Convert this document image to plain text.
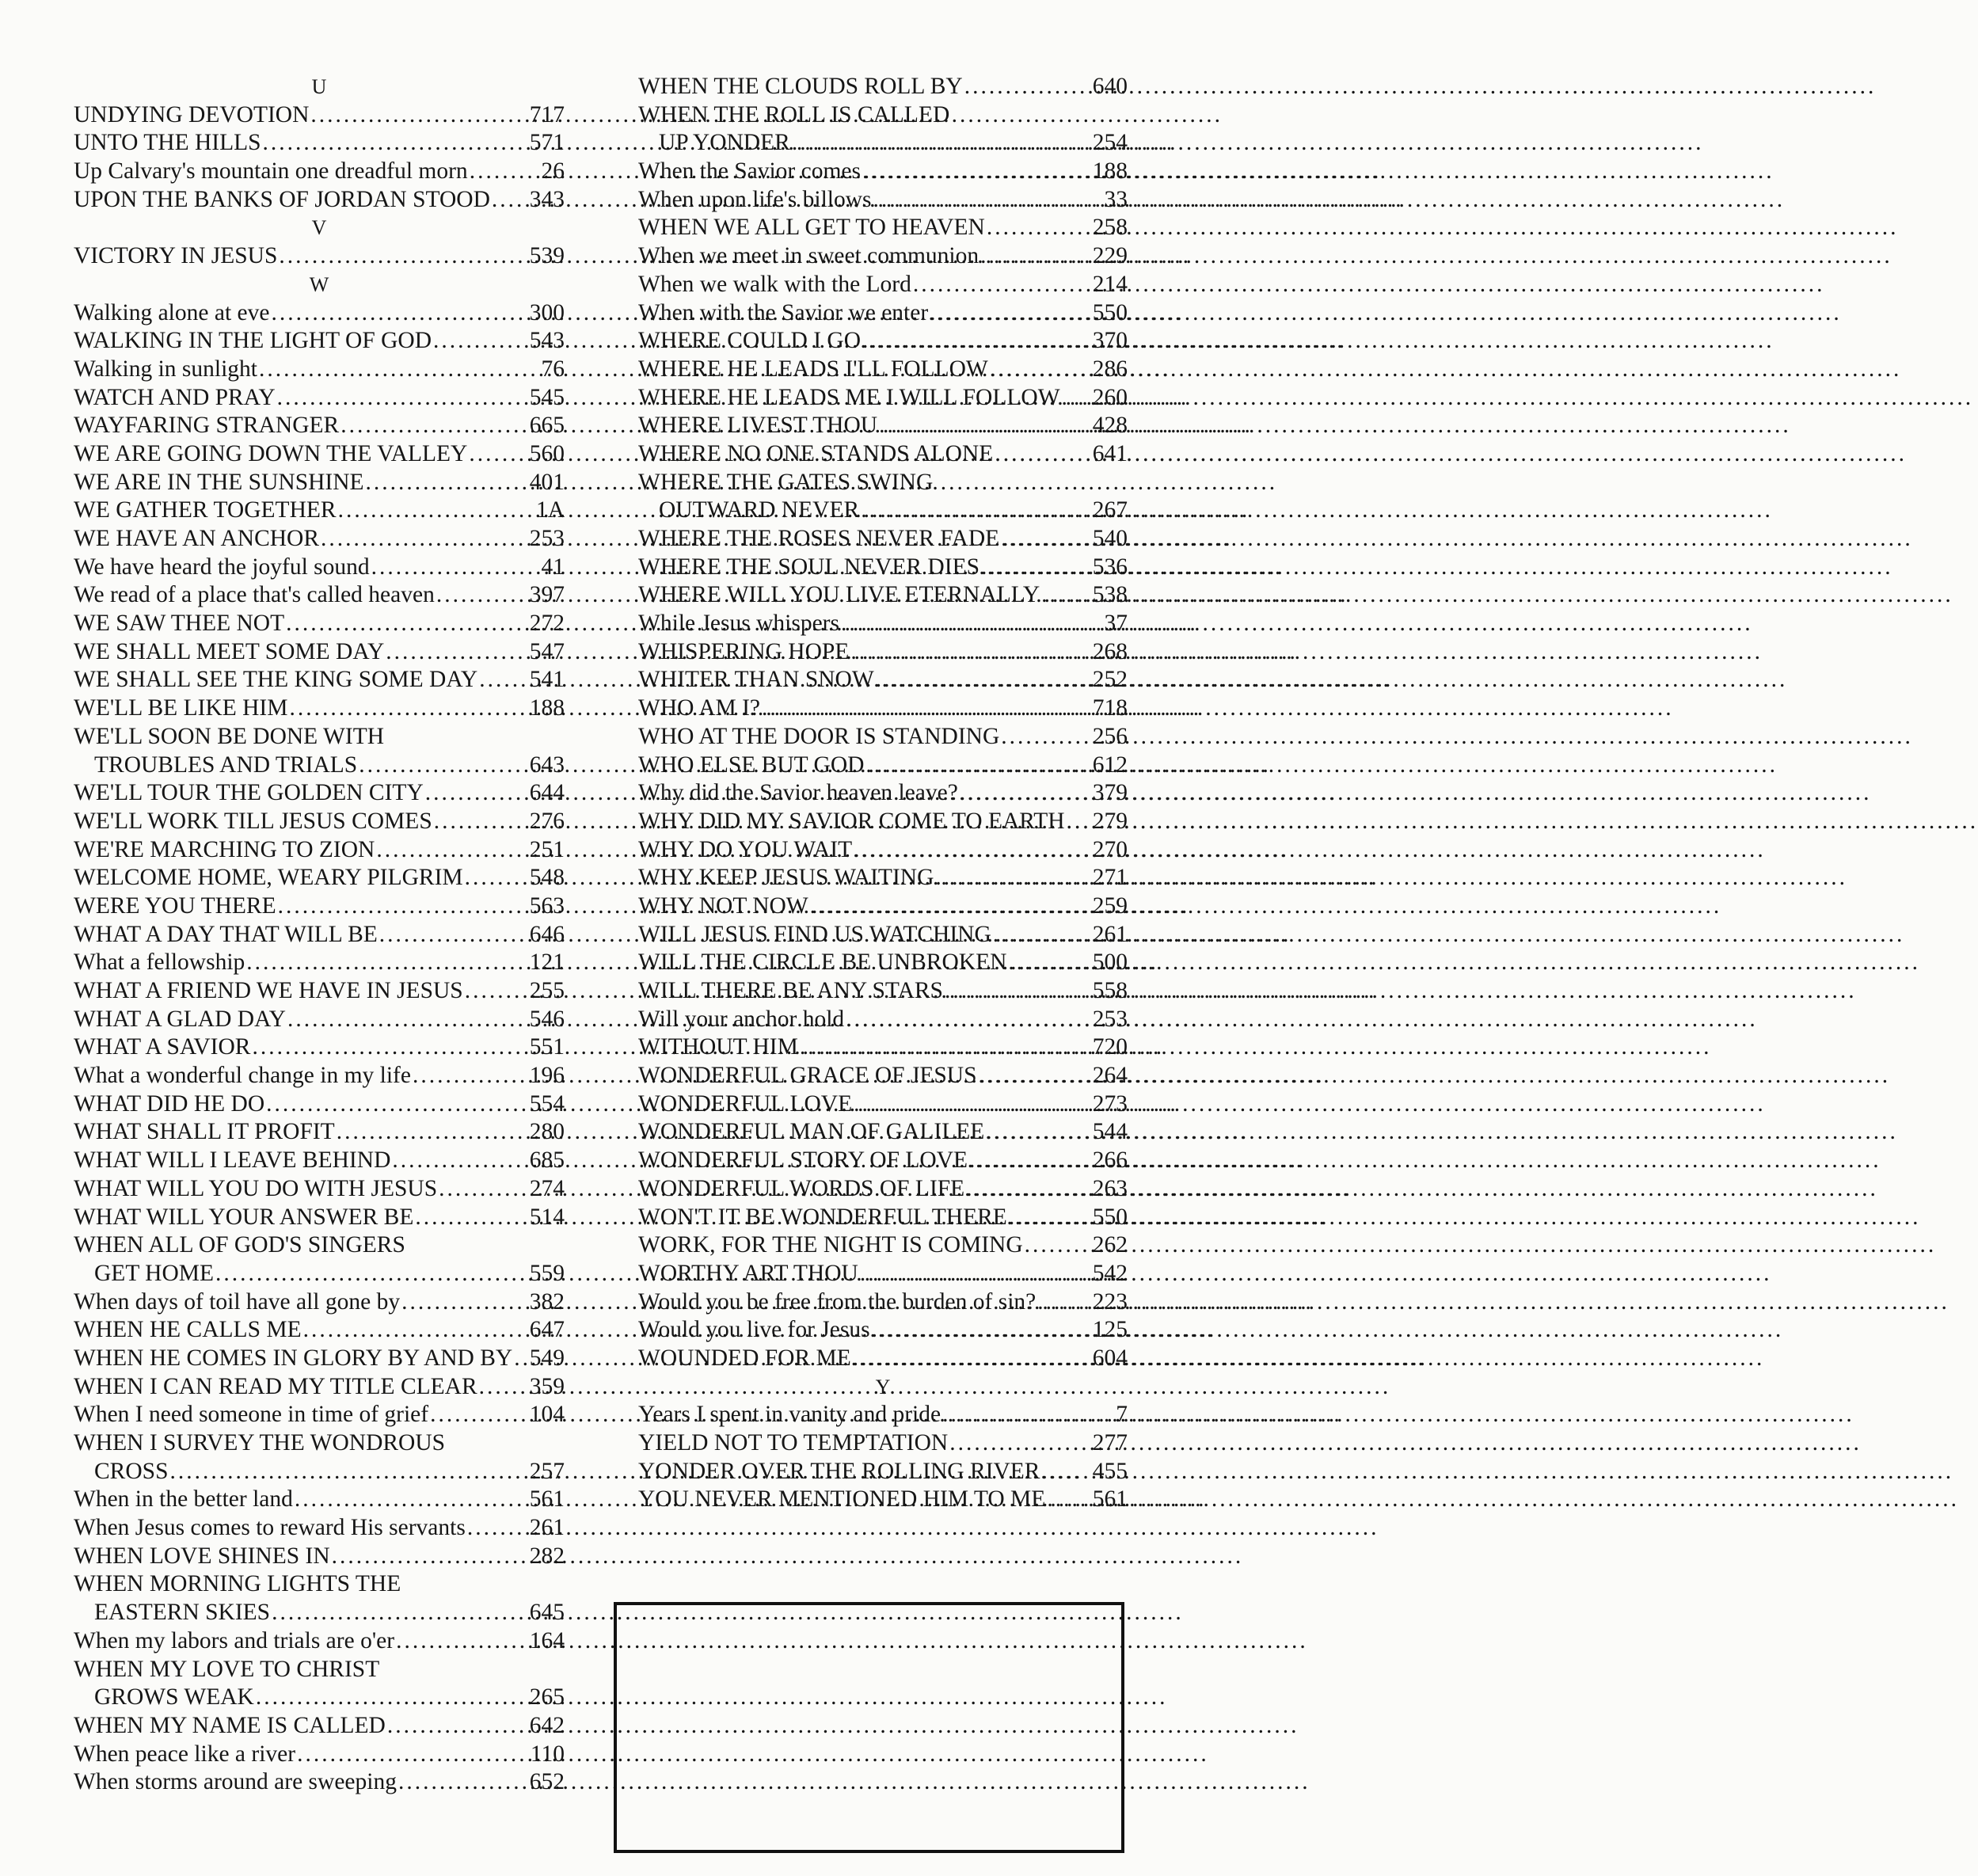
U
UNDYING DEVOTION .....	717
UNTO THE HILLS .....	571
Up Calvary's mountain one dreadful morn .....	26
UPON THE BANKS OF JORDAN STOOD ..... 343
V
VICTORY IN JESUS .....	539
W
Walking alone at eve .....	300
WALKING IN THE LIGHT OF GOD .....	543
Walking in sunlight .....	76
WATCH AND PRAY .....	545
WAYFARING STRANGER .....	665
WE ARE GOING DOWN THE VALLEY .....	560
WE ARE IN THE SUNSHINE .....	401
WE GATHER TOGETHER .....	1A
WE HAVE AN ANCHOR .....	253
We have heard the joyful sound .....	41
We read of a place that's called heaven .....	397
WE SAW THEE NOT .....	272
WE SHALL MEET SOME DAY .....	547
WE SHALL SEE THE KING SOME DAY ..... 541
WE'LL BE LIKE HIM .....	188
WE'LL SOON BE DONE WITH
TROUBLES AND TRIALS .....	643
WE'LL TOUR THE GOLDEN CITY .....	644
WE'LL WORK TILL JESUS COMES .....	276
WE'RE MARCHING TO ZION .....	251
WELCOME HOME, WEARY PILGRIM .....	548
WERE YOU THERE .....	563
WHAT A DAY THAT WILL BE .....	646
What a fellowship .....	121
WHAT A FRIEND WE HAVE IN JESUS .....	255
WHAT A GLAD DAY .....	546
WHAT A SAVIOR .....	551
What a wonderful change in my life .....	196
WHAT DID HE DO .....	554
WHAT SHALL IT PROFIT .....	280
WHAT WILL I LEAVE BEHIND .....	685
WHAT WILL YOU DO WITH JESUS .....	274
WHAT WILL YOUR ANSWER BE .....	514
WHEN ALL OF GOD'S SINGERS
GET HOME .....	559
When days of toil have all gone by .....	382
WHEN HE CALLS ME .....	647
WHEN HE COMES IN GLORY BY AND BY ..... 549
WHEN I CAN READ MY TITLE CLEAR ..... 359
When I need someone in time of grief .....	104
WHEN I SURVEY THE WONDROUS
CROSS .....	257
When in the better land .....	561
When Jesus comes to reward His servants .....	261
WHEN LOVE SHINES IN .....	282
WHEN MORNING LIGHTS THE
EASTERN SKIES .....	645
When my labors and trials are o'er .....	164
WHEN MY LOVE TO CHRIST
GROWS WEAK .....	265
WHEN MY NAME IS CALLED .....	642
When peace like a river .....	110
When storms around are sweeping .....	652
WHEN THE CLOUDS ROLL BY .....	640
WHEN THE ROLL IS CALLED
UP YONDER .....	254
When the Savior comes .....	188
When upon life's billows .....	33
WHEN WE ALL GET TO HEAVEN .....	258
When we meet in sweet communion .....	229
When we walk with the Lord .....	214
When with the Savior we enter .....	550
WHERE COULD I GO .....	370
WHERE HE LEADS I'LL FOLLOW .....	286
WHERE HE LEADS ME I WILL FOLLOW ..... 260
WHERE LIVEST THOU .....	428
WHERE NO ONE STANDS ALONE .....	641
WHERE THE GATES SWING
OUTWARD NEVER .....	267
WHERE THE ROSES NEVER FADE .....	540
WHERE THE SOUL NEVER DIES .....	536
WHERE WILL YOU LIVE ETERNALLY ..... 538
While Jesus whispers .....	37
WHISPERING HOPE .....	268
WHITER THAN SNOW .....	252
WHO AM I? .....	718
WHO AT THE DOOR IS STANDING .....	256
WHO ELSE BUT GOD .....	612
Why did the Savior heaven leave? .....	379
WHY DID MY SAVIOR COME TO EARTH ..... 279
WHY DO YOU WAIT .....	270
WHY KEEP JESUS WAITING .....	271
WHY NOT NOW .....	259
WILL JESUS FIND US WATCHING .....	261
WILL THE CIRCLE BE UNBROKEN .....	500
WILL THERE BE ANY STARS .....	558
Will your anchor hold .....	253
WITHOUT HIM .....	720
WONDERFUL GRACE OF JESUS .....	264
WONDERFUL LOVE .....	273
WONDERFUL MAN OF GALILEE .....	544
WONDERFUL STORY OF LOVE .....	266
WONDERFUL WORDS OF LIFE .....	263
WON'T IT BE WONDERFUL THERE .....	550
WORK, FOR THE NIGHT IS COMING .....	262
WORTHY ART THOU .....	542
Would you be free from the burden of sin? ..... 223
Would you live for Jesus .....	125
WOUNDED FOR ME .....	604
Y
Years I spent in vanity and pride .....	7
YIELD NOT TO TEMPTATION .....	277
YONDER OVER THE ROLLING RIVER ..... 455
YOU NEVER MENTIONED HIM TO ME ..... 561
